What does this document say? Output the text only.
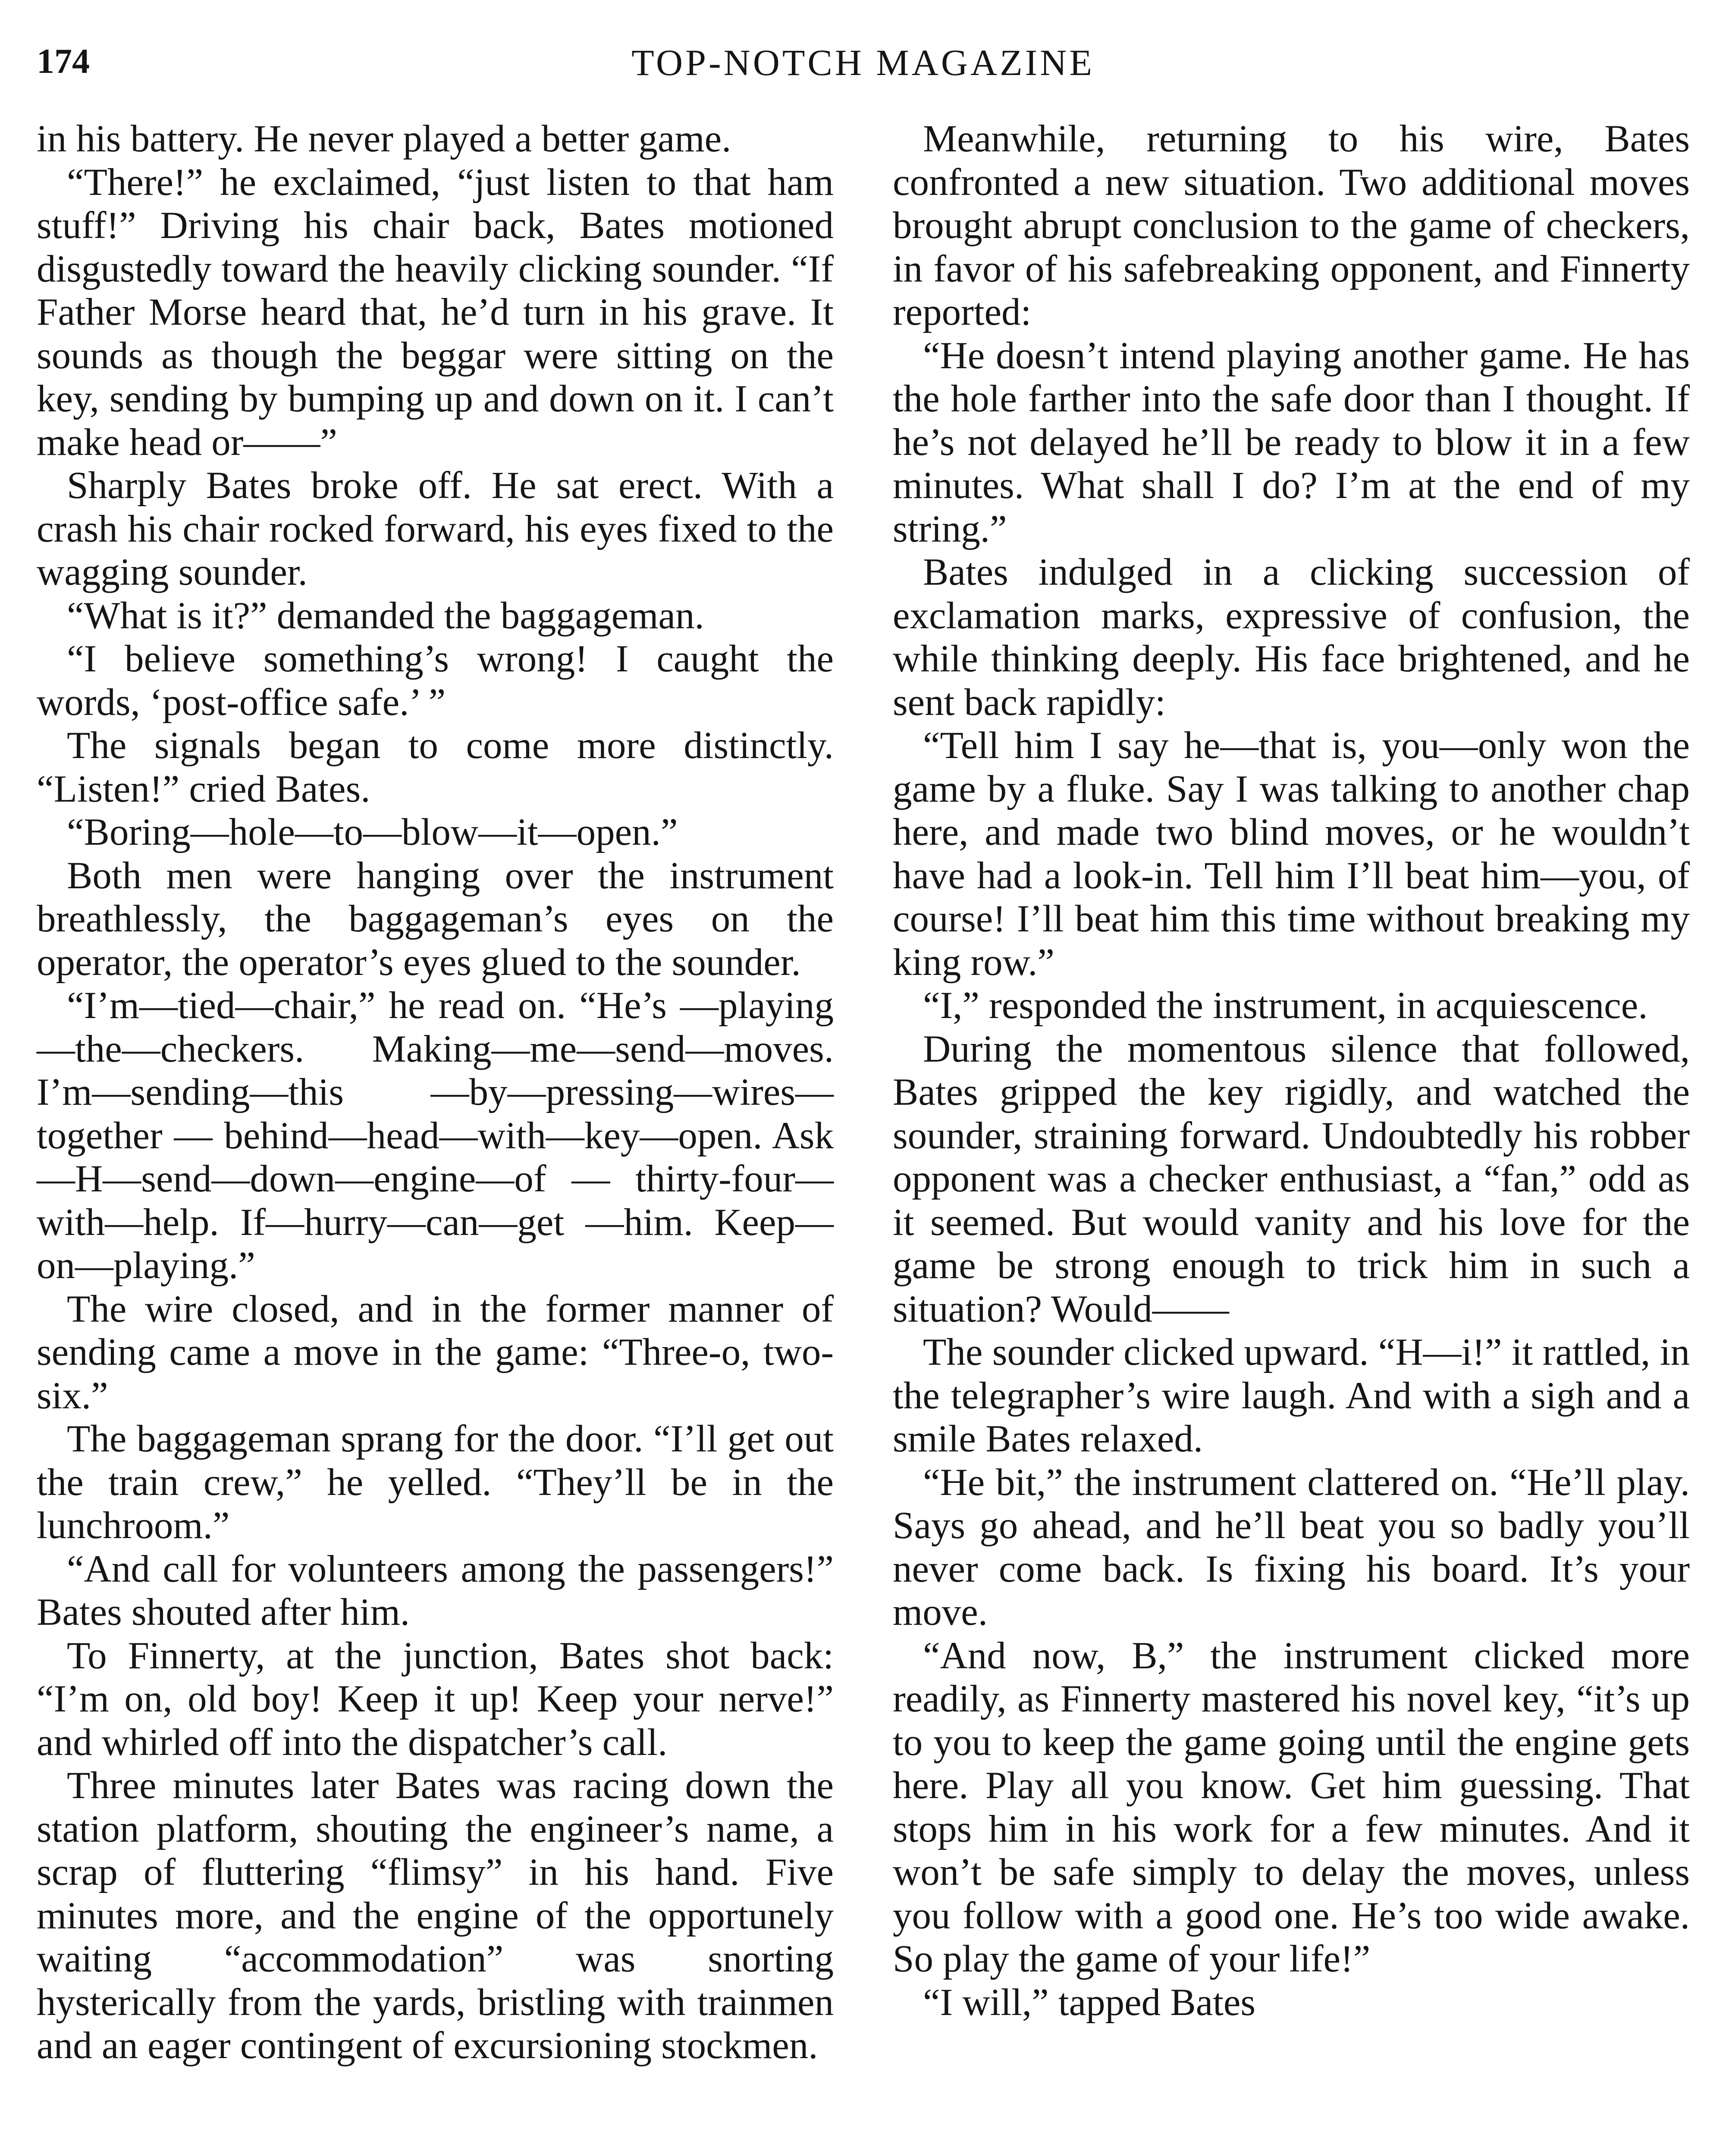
174	TOP-NOTCH MAGAZINE

in his battery. He never played a better game.

“There!” he exclaimed, “just listen to that ham stuff!” Driving his chair back, Bates motioned disgustedly toward the heavily clicking sounder. “If Father Morse heard that, he’d turn in his grave. It sounds as though the beggar were sitting on the key, sending by bumping up and down on it. I can’t make head or——”

Sharply Bates broke off. He sat erect. With a crash his chair rocked forward, his eyes fixed to the wagging sounder.

“What is it?” demanded the baggageman.

“I believe something’s wrong! I caught the words, ‘post-office safe.’ ”

The signals began to come more distinctly. “Listen!” cried Bates.

“Boring—hole—to—blow—it—open.”

Both men were hanging over the instrument breathlessly, the baggageman’s eyes on the operator, the operator’s eyes glued to the sounder.

“I’m—tied—chair,” he read on. “He’s —playing—the—checkers. Making—me—send—moves. I’m—sending—this —by—pressing—wires—together — behind—head—with—key—open. Ask—H—send—down—engine—of — thirty-four—with—help. If—hurry—can—get —him. Keep—on—playing.”

The wire closed, and in the former manner of sending came a move in the game: “Three-o, two-six.”

The baggageman sprang for the door. “I’ll get out the train crew,” he yelled. “They’ll be in the lunchroom.”

“And call for volunteers among the passengers!” Bates shouted after him.

To Finnerty, at the junction, Bates shot back: “I’m on, old boy! Keep it up! Keep your nerve!” and whirled off into the dispatcher’s call.

Three minutes later Bates was racing down the station platform, shouting the engineer’s name, a scrap of fluttering “flimsy” in his hand. Five minutes more, and the engine of the opportunely waiting “accommodation” was snorting hysterically from the yards, bristling with trainmen and an eager contingent of excursioning stockmen.

Meanwhile, returning to his wire, Bates confronted a new situation. Two additional moves brought abrupt conclusion to the game of checkers, in favor of his safebreaking opponent, and Finnerty reported:

“He doesn’t intend playing another game. He has the hole farther into the safe door than I thought. If he’s not delayed he’ll be ready to blow it in a few minutes. What shall I do? I’m at the end of my string.”

Bates indulged in a clicking succession of exclamation marks, expressive of confusion, the while thinking deeply. His face brightened, and he sent back rapidly:

“Tell him I say he—that is, you—only won the game by a fluke. Say I was talking to another chap here, and made two blind moves, or he wouldn’t have had a look-in. Tell him I’ll beat him—you, of course! I’ll beat him this time without breaking my king row.”

“I,” responded the instrument, in acquiescence.

During the momentous silence that followed, Bates gripped the key rigidly, and watched the sounder, straining forward. Undoubtedly his robber opponent was a checker enthusiast, a “fan,” odd as it seemed. But would vanity and his love for the game be strong enough to trick him in such a situation? Would——

The sounder clicked upward. “H—i!” it rattled, in the telegrapher’s wire laugh. And with a sigh and a smile Bates relaxed.

“He bit,” the instrument clattered on. “He’ll play. Says go ahead, and he’ll beat you so badly you’ll never come back. Is fixing his board. It’s your move.

“And now, B,” the instrument clicked more readily, as Finnerty mastered his novel key, “it’s up to you to keep the game going until the engine gets here. Play all you know. Get him guessing. That stops him in his work for a few minutes. And it won’t be safe simply to delay the moves, unless you follow with a good one. He’s too wide awake. So play the game of your life!”

“I will,” tapped Bates
